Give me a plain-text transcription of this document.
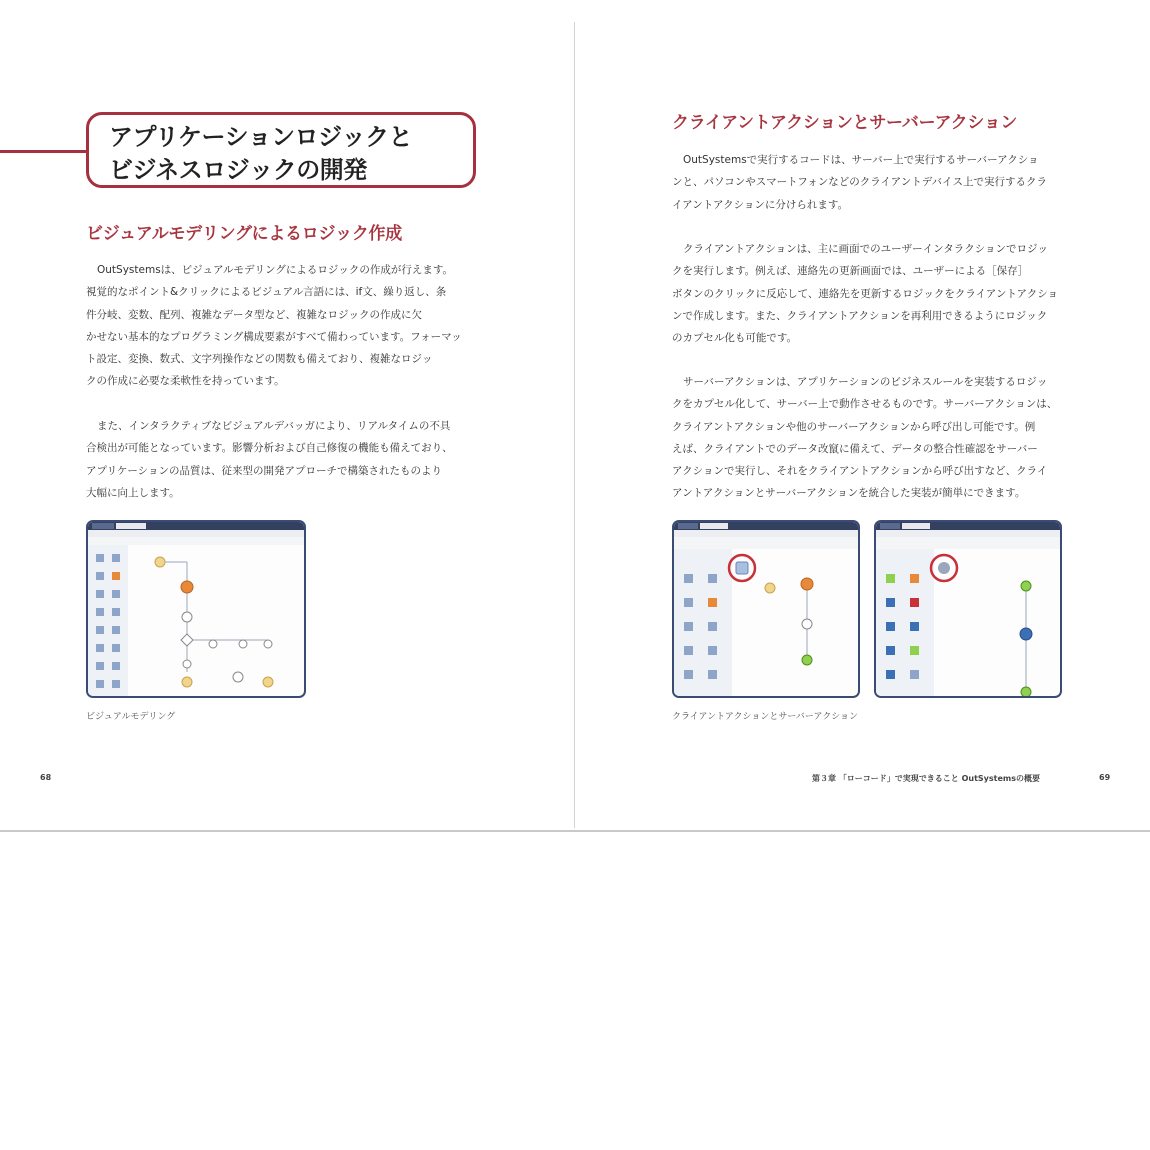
アプリケーションロジックと
ビジネスロジックの開発
ビジュアルモデリングによるロジック作成
OutSystemsは、ビジュアルモデリングによるロジックの作成が行えます。
視覚的なポイント&クリックによるビジュアル言語には、if文、繰り返し、条
件分岐、変数、配列、複雑なデータ型など、複雑なロジックの作成に欠
かせない基本的なプログラミング構成要素がすべて備わっています。フォーマッ
ト設定、変換、数式、文字列操作などの関数も備えており、複雑なロジッ
クの作成に必要な柔軟性を持っています。
また、インタラクティブなビジュアルデバッガにより、リアルタイムの不具
合検出が可能となっています。影響分析および自己修復の機能も備えており、
アプリケーションの品質は、従来型の開発アプローチで構築されたものより
大幅に向上します。
ビジュアルモデリング
68
クライアントアクションとサーバーアクション
OutSystemsで実行するコードは、サーバー上で実行するサーバーアクショ
ンと、パソコンやスマートフォンなどのクライアントデバイス上で実行するクラ
イアントアクションに分けられます。
クライアントアクションは、主に画面でのユーザーインタラクションでロジッ
クを実行します。例えば、連絡先の更新画面では、ユーザーによる［保存］
ボタンのクリックに反応して、連絡先を更新するロジックをクライアントアクショ
ンで作成します。また、クライアントアクションを再利用できるようにロジック
のカプセル化も可能です。
サーバーアクションは、アプリケーションのビジネスルールを実装するロジッ
クをカプセル化して、サーバー上で動作させるものです。サーバーアクションは、
クライアントアクションや他のサーバーアクションから呼び出し可能です。例
えば、クライアントでのデータ改竄に備えて、データの整合性確認をサーバー
アクションで実行し、それをクライアントアクションから呼び出すなど、クライ
アントアクションとサーバーアクションを統合した実装が簡単にできます。
クライアントアクションとサーバーアクション
第３章 「ローコード」で実現できること OutSystemsの概要	69
